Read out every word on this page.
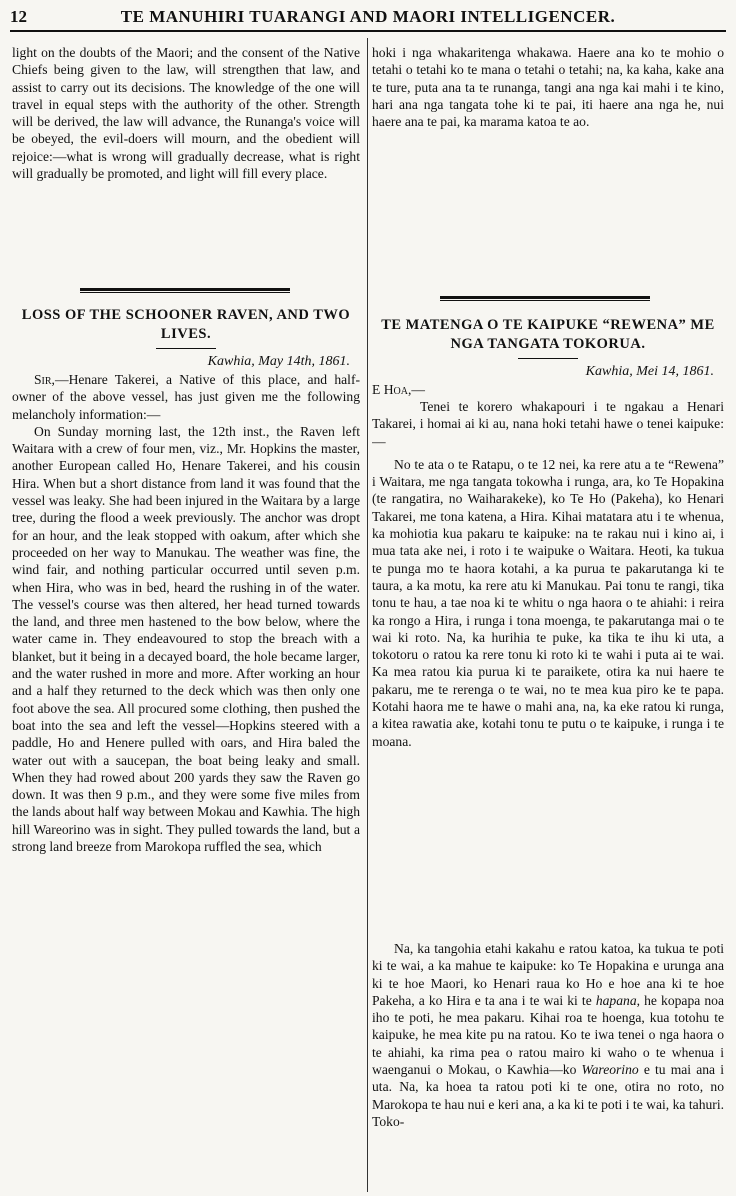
12	TE MANUHIRI TUARANGI AND MAORI INTELLIGENCER.

light on the doubts of the Maori; and the consent of the Native Chiefs being given to the law, will strengthen that law, and assist to carry out its decisions. The knowledge of the one will travel in equal steps with the authority of the other. Strength will be derived, the law will advance, the Runanga's voice will be obeyed, the evil-doers will mourn, and the obedient will rejoice:—what is wrong will gradually decrease, what is right will gradually be promoted, and light will fill every place.

LOSS OF THE SCHOONER RAVEN, AND TWO LIVES.
Kawhia, May 14th, 1861.

Sir,—Henare Takerei, a Native of this place, and half-owner of the above vessel, has just given me the following melancholy information:—

On Sunday morning last, the 12th inst., the Raven left Waitara with a crew of four men, viz., Mr. Hopkins the master, another European called Ho, Henare Takerei, and his cousin Hira. When but a short distance from land it was found that the vessel was leaky. She had been injured in the Waitara by a large tree, during the flood a week previously. The anchor was dropt for an hour, and the leak stopped with oakum, after which she proceeded on her way to Manukau. The weather was fine, the wind fair, and nothing particular occurred until seven p.m. when Hira, who was in bed, heard the rushing in of the water. The vessel's course was then altered, her head turned towards the land, and three men hastened to the bow below, where the water came in. They endeavoured to stop the breach with a blanket, but it being in a decayed board, the hole became larger, and the water rushed in more and more. After working an hour and a half they returned to the deck which was then only one foot above the sea. All procured some clothing, then pushed the boat into the sea and left the vessel—Hopkins steered with a paddle, Ho and Henere pulled with oars, and Hira baled the water out with a saucepan, the boat being leaky and small. When they had rowed about 200 yards they saw the Raven go down. It was then 9 p.m., and they were some five miles from the lands about half way between Mokau and Kawhia. The high hill Wareorino was in sight. They pulled towards the land, but a strong land breeze from Marokopa ruffled the sea, which

hoki i nga whakaritenga whakawa. Haere ana ko te mohio o tetahi o tetahi ko te mana o tetahi o tetahi; na, ka kaha, kake ana te ture, puta ana ta te runanga, tangi ana nga kai mahi i te kino, hari ana nga tangata tohe ki te pai, iti haere ana nga he, nui haere ana te pai, ka marama katoa te ao.

TE MATENGA O TE KAIPUKE “REWENA” ME NGA TANGATA TOKORUA.
Kawhia, Mei 14, 1861.
E Hoa,—

Tenei te korero whakapouri i te ngakau a Henari Takarei, i homai ai ki au, nana hoki tetahi hawe o tenei kaipuke:—

No te ata o te Ratapu, o te 12 nei, ka rere atu a te “Rewena” i Waitara, me nga tangata tokowha i runga, ara, ko Te Hopakina (te rangatira, no Waiharakeke), ko Te Ho (Pakeha), ko Henari Takarei, me tona katena, a Hira. Kihai matatara atu i te whenua, ka mohiotia kua pakaru te kaipuke: na te rakau nui i kino ai, i mua tata ake nei, i roto i te waipuke o Waitara. Heoti, ka tukua te punga mo te haora kotahi, a ka purua te pakarutanga ki te taura, a ka motu, ka rere atu ki Manukau. Pai tonu te rangi, tika tonu te hau, a tae noa ki te whitu o nga haora o te ahiahi: i reira ka rongo a Hira, i runga i tona moenga, te pakarutanga mai o te wai ki roto. Na, ka hurihia te puke, ka tika te ihu ki uta, a tokotoru o ratou ka rere tonu ki roto ki te wahi i puta ai te wai. Ka mea ratou kia purua ki te paraikete, otira ka nui haere te pakaru, me te rerenga o te wai, no te mea kua piro ke te papa. Kotahi haora me te hawe o mahi ana, na, ka eke ratou ki runga, a kitea rawatia ake, kotahi tonu te putu o te kaipuke, i runga i te moana.

Na, ka tangohia etahi kakahu e ratou katoa, ka tukua te poti ki te wai, a ka mahue te kaipuke: ko Te Hopakina e urunga ana ki te hoe Maori, ko Henari raua ko Ho e hoe ana ki te hoe Pakeha, a ko Hira e ta ana i te wai ki te hapana, he kopapa noa iho te poti, he mea pakaru. Kihai roa te hoenga, kua totohu te kaipuke, he mea kite pu na ratou. Ko te iwa tenei o nga haora o te ahiahi, ka rima pea o ratou mairo ki waho o te whenua i waenganui o Mokau, o Kawhia—ko Wareorino e tu mai ana i uta. Na, ka hoea ta ratou poti ki te one, otira no roto, no Marokopa te hau nui e keri ana, a ka ki te poti i te wai, ka tahuri. Toko-
